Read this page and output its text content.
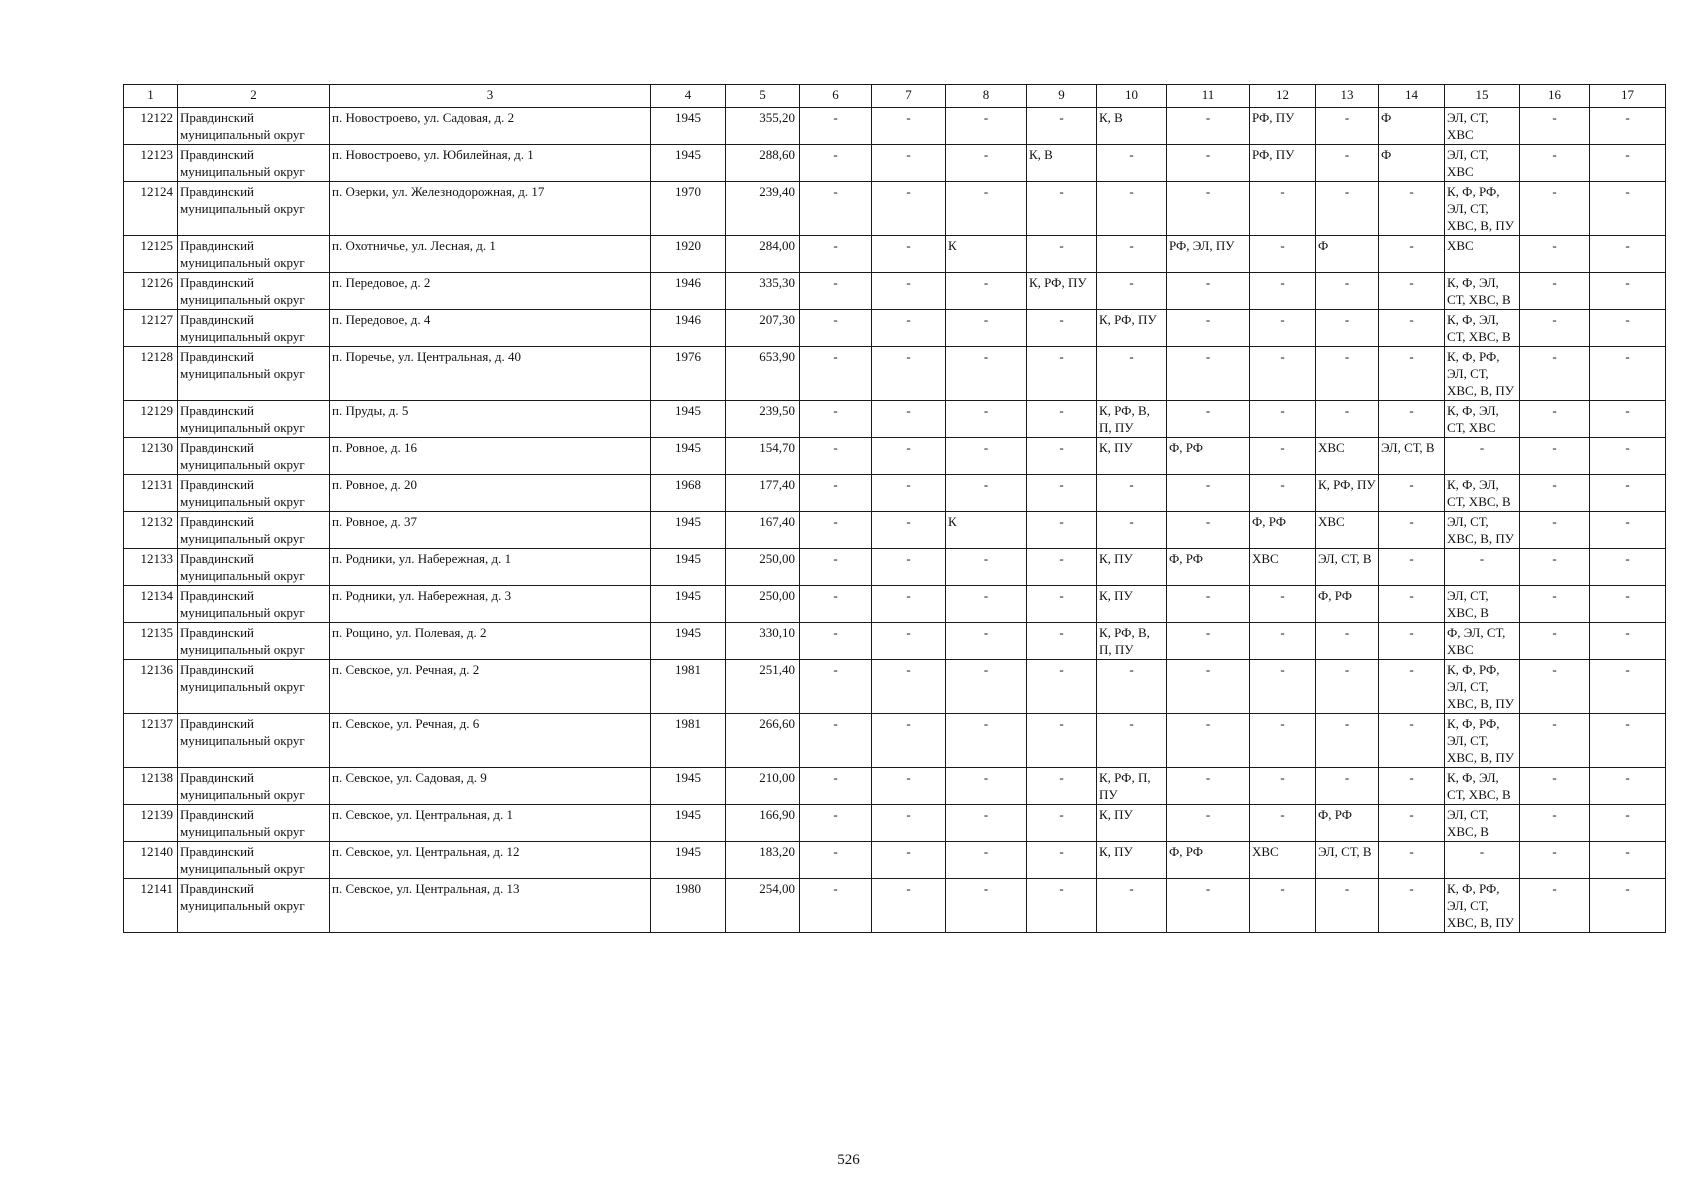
1	2	3	4	5	6	7	8	9	10	11	12	13	14	15	16	17
12122	Правдинский муниципальный округ	п. Новостроево, ул. Садовая, д. 2	1945	355,20	-	-	-	-	К, В	-	РФ, ПУ	-	Ф	ЭЛ, СТ, ХВС	-	-
12123	Правдинский муниципальный округ	п. Новостроево, ул. Юбилейная, д. 1	1945	288,60	-	-	-	К, В	-	-	РФ, ПУ	-	Ф	ЭЛ, СТ, ХВС	-	-
12124	Правдинский муниципальный округ	п. Озерки, ул. Железнодорожная, д. 17	1970	239,40	-	-	-	-	-	-	-	-	-	К, Ф, РФ, ЭЛ, СТ, ХВС, В, ПУ	-	-
12125	Правдинский муниципальный округ	п. Охотничье, ул. Лесная, д. 1	1920	284,00	-	-	К	-	-	РФ, ЭЛ, ПУ	-	Ф	-	ХВС	-	-
12126	Правдинский муниципальный округ	п. Передовое, д. 2	1946	335,30	-	-	-	К, РФ, ПУ	-	-	-	-	-	К, Ф, ЭЛ, СТ, ХВС, В	-	-
12127	Правдинский муниципальный округ	п. Передовое, д. 4	1946	207,30	-	-	-	-	К, РФ, ПУ	-	-	-	-	К, Ф, ЭЛ, СТ, ХВС, В	-	-
12128	Правдинский муниципальный округ	п. Поречье, ул. Центральная, д. 40	1976	653,90	-	-	-	-	-	-	-	-	-	К, Ф, РФ, ЭЛ, СТ, ХВС, В, ПУ	-	-
12129	Правдинский муниципальный округ	п. Пруды, д. 5	1945	239,50	-	-	-	-	К, РФ, В, П, ПУ	-	-	-	-	К, Ф, ЭЛ, СТ, ХВС	-	-
12130	Правдинский муниципальный округ	п. Ровное, д. 16	1945	154,70	-	-	-	-	К, ПУ	Ф, РФ	-	ХВС	ЭЛ, СТ, В	-	-	-
12131	Правдинский муниципальный округ	п. Ровное, д. 20	1968	177,40	-	-	-	-	-	-	-	К, РФ, ПУ	-	К, Ф, ЭЛ, СТ, ХВС, В	-	-
12132	Правдинский муниципальный округ	п. Ровное, д. 37	1945	167,40	-	-	К	-	-	-	Ф, РФ	ХВС	-	ЭЛ, СТ, ХВС, В, ПУ	-	-
12133	Правдинский муниципальный округ	п. Родники, ул. Набережная, д. 1	1945	250,00	-	-	-	-	К, ПУ	Ф, РФ	ХВС	ЭЛ, СТ, В	-	-	-	-
12134	Правдинский муниципальный округ	п. Родники, ул. Набережная, д. 3	1945	250,00	-	-	-	-	К, ПУ	-	-	Ф, РФ	-	ЭЛ, СТ, ХВС, В	-	-
12135	Правдинский муниципальный округ	п. Рощино, ул. Полевая, д. 2	1945	330,10	-	-	-	-	К, РФ, В, П, ПУ	-	-	-	-	Ф, ЭЛ, СТ, ХВС	-	-
12136	Правдинский муниципальный округ	п. Севское, ул. Речная, д. 2	1981	251,40	-	-	-	-	-	-	-	-	-	К, Ф, РФ, ЭЛ, СТ, ХВС, В, ПУ	-	-
12137	Правдинский муниципальный округ	п. Севское, ул. Речная, д. 6	1981	266,60	-	-	-	-	-	-	-	-	-	К, Ф, РФ, ЭЛ, СТ, ХВС, В, ПУ	-	-
12138	Правдинский муниципальный округ	п. Севское, ул. Садовая, д. 9	1945	210,00	-	-	-	-	К, РФ, П, ПУ	-	-	-	-	К, Ф, ЭЛ, СТ, ХВС, В	-	-
12139	Правдинский муниципальный округ	п. Севское, ул. Центральная, д. 1	1945	166,90	-	-	-	-	К, ПУ	-	-	Ф, РФ	-	ЭЛ, СТ, ХВС, В	-	-
12140	Правдинский муниципальный округ	п. Севское, ул. Центральная, д. 12	1945	183,20	-	-	-	-	К, ПУ	Ф, РФ	ХВС	ЭЛ, СТ, В	-	-	-	-
12141	Правдинский муниципальный округ	п. Севское, ул. Центральная, д. 13	1980	254,00	-	-	-	-	-	-	-	-	-	К, Ф, РФ, ЭЛ, СТ, ХВС, В, ПУ	-	-
526
